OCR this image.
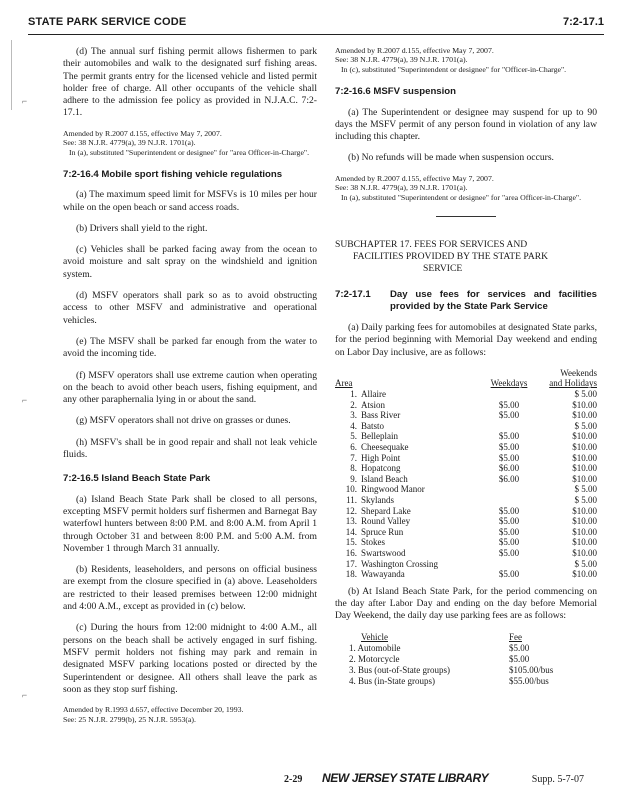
STATE PARK SERVICE CODE	7:2-17.1
⌐
⌐
⌐

(d) The annual surf fishing permit allows fishermen to park their automobiles and walk to the designated surf fishing areas. The permit grants entry for the licensed vehicle and listed permit holder free of charge. All other occupants of the vehicle shall adhere to the admission fee policy as provided in N.J.A.C. 7:2-17.1.

Amended by R.2007 d.155, effective May 7, 2007.
See: 38 N.J.R. 4779(a), 39 N.J.R. 1701(a).
In (a), substituted "Superintendent or designee" for "area Officer-in-Charge".
7:2-16.4 Mobile sport fishing vehicle regulations

(a) The maximum speed limit for MSFVs is 10 miles per hour while on the open beach or sand access roads.

(b) Drivers shall yield to the right.

(c) Vehicles shall be parked facing away from the ocean to avoid moisture and salt spray on the windshield and ignition system.

(d) MSFV operators shall park so as to avoid obstructing access to other MSFV and administrative and operational vehicles.

(e) The MSFV shall be parked far enough from the water to avoid the incoming tide.

(f) MSFV operators shall use extreme caution when operating on the beach to avoid other beach users, fishing equipment, and any other paraphernalia lying in or about the sand.

(g) MSFV operators shall not drive on grasses or dunes.

(h) MSFV's shall be in good repair and shall not leak vehicle fluids.

7:2-16.5 Island Beach State Park

(a) Island Beach State Park shall be closed to all persons, excepting MSFV permit holders surf fishermen and Barnegat Bay waterfowl hunters between 8:00 P.M. and 8:00 A.M. from April 1 through October 31 and between 8:00 P.M. and 5:00 A.M. from November 1 through March 31 annually.

(b) Residents, leaseholders, and persons on official business are exempt from the closure specified in (a) above. Leaseholders are restricted to their leased premises between 12:00 midnight and 4:00 A.M., except as provided in (c) below.

(c) During the hours from 12:00 midnight to 4:00 A.M., all persons on the beach shall be actively engaged in surf fishing. MSFV permit holders not fishing may park and remain in designated MSFV parking locations posted or directed by the Superintendent or designee. All others shall leave the park as soon as they stop surf fishing.

Amended by R.1993 d.657, effective December 20, 1993.
See: 25 N.J.R. 2799(b), 25 N.J.R. 5953(a).
Amended by R.2007 d.155, effective May 7, 2007.
See: 38 N.J.R. 4779(a), 39 N.J.R. 1701(a).
In (c), substituted "Superintendent or designee" for "Officer-in-Charge".
7:2-16.6 MSFV suspension

(a) The Superintendent or designee may suspend for up to 90 days the MSFV permit of any person found in violation of any law including this chapter.

(b) No refunds will be made when suspension occurs.

Amended by R.2007 d.155, effective May 7, 2007.
See: 38 N.J.R. 4779(a), 39 N.J.R. 1701(a).
In (a), substituted "Superintendent or designee" for "area Officer-in-Charge".
SUBCHAPTER 17. FEES FOR SERVICES AND
FACILITIES PROVIDED BY THE STATE PARK
SERVICE
7:2-17.1	Day use fees for services and facilities provided by the State Park Service

(a) Daily parking fees for automobiles at designated State parks, for the period beginning with Memorial Day weekend and ending on Labor Day inclusive, are as follows:

			Weekends
Area		Weekdays	and Holidays
1.	Allaire		$ 5.00
2.	Atsion	$5.00	$10.00
3.	Bass River	$5.00	$10.00
4.	Batsto		$ 5.00
5.	Belleplain	$5.00	$10.00
6.	Cheesequake	$5.00	$10.00
7.	High Point	$5.00	$10.00
8.	Hopatcong	$6.00	$10.00
9.	Island Beach	$6.00	$10.00
10.	Ringwood Manor		$ 5.00
11.	Skylands		$ 5.00
12.	Shepard Lake	$5.00	$10.00
13.	Round Valley	$5.00	$10.00
14.	Spruce Run	$5.00	$10.00
15.	Stokes	$5.00	$10.00
16.	Swartswood	$5.00	$10.00
17.	Washington Crossing		$ 5.00
18.	Wawayanda	$5.00	$10.00

(b) At Island Beach State Park, for the period commencing on the day after Labor Day and ending on the day before Memorial Day Weekend, the daily day use parking fees are as follows:

Vehicle	Fee
1. Automobile	$5.00
2. Motorcycle	$5.00
3. Bus (out-of-State groups)	$105.00/bus
4. Bus (in-State groups)	$55.00/bus
2-29 NEW JERSEY STATE LIBRARY	Supp. 5-7-07
